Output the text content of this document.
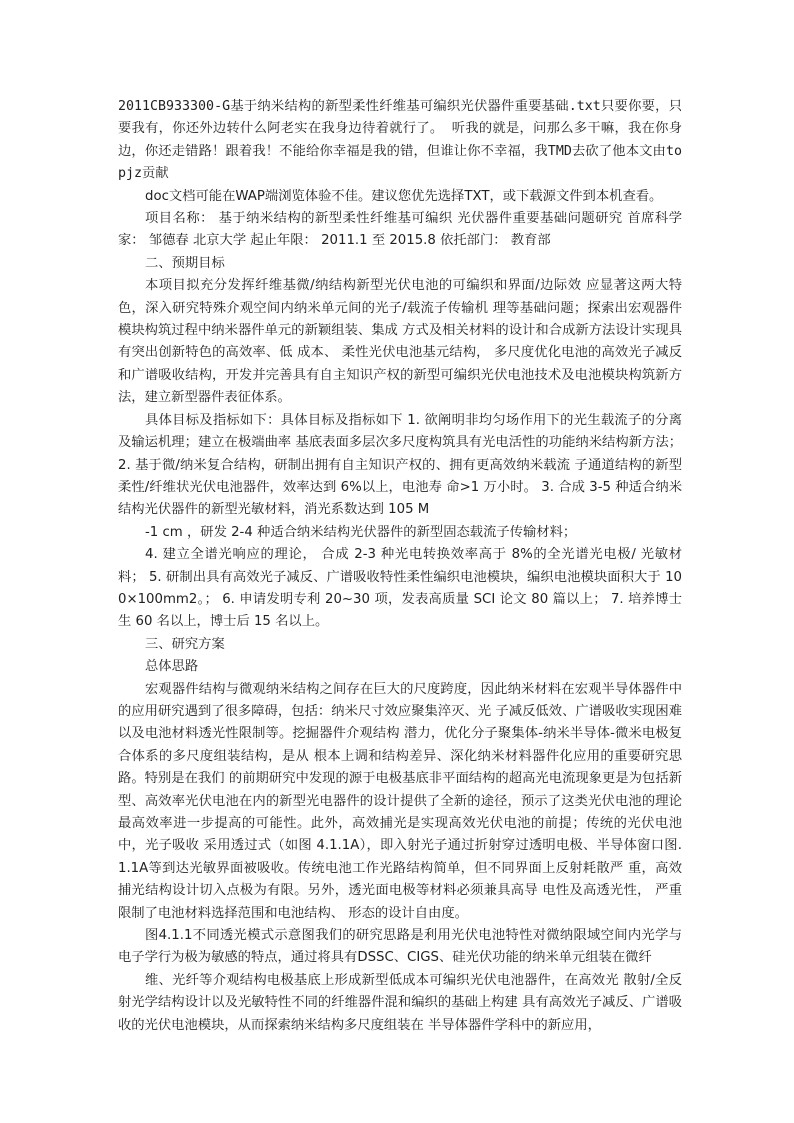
2011CB933300-G基于纳米结构的新型柔性纤维基可编织光伏器件重要基础.txt只要你要，只要我有，你还外边转什么阿老实在我身边待着就行了。 听我的就是，问那么多干嘛，我在你身边，你还走错路！跟着我！不能给你幸福是我的错，但谁让你不幸福，我TMD去砍了他本文由topjz贡献

doc文档可能在WAP端浏览体验不佳。建议您优先选择TXT，或下载源文件到本机查看。

项目名称： 基于纳米结构的新型柔性纤维基可编织 光伏器件重要基础问题研究 首席科学家： 邹德春 北京大学 起止年限： 2011.1 至 2015.8 依托部门： 教育部

二、预期目标

本项目拟充分发挥纤维基微/纳结构新型光伏电池的可编织和界面/边际效 应显著这两大特色，深入研究特殊介观空间内纳米单元间的光子/载流子传输机 理等基础问题；探索出宏观器件模块构筑过程中纳米器件单元的新颖组装、集成 方式及相关材料的设计和合成新方法设计实现具有突出创新特色的高效率、低 成本、 柔性光伏电池基元结构， 多尺度优化电池的高效光子减反和广谱吸收结构，开发并完善具有自主知识产权的新型可编织光伏电池技术及电池模块构筑新方 法，建立新型器件表征体系。

具体目标及指标如下：具体目标及指标如下 1. 欲阐明非均匀场作用下的光生载流子的分离及输运机理；建立在极端曲率 基底表面多层次多尺度构筑具有光电活性的功能纳米结构新方法； 2. 基于微/纳米复合结构，研制出拥有自主知识产权的、拥有更高效纳米载流 子通道结构的新型柔性/纤维状光伏电池器件，效率达到 6%以上，电池寿 命>1 万小时。 3. 合成 3-5 种适合纳米结构光伏器件的新型光敏材料，消光系数达到 105 M

-1 cm ，研发 2-4 种适合纳米结构光伏器件的新型固态载流子传输材料；

4. 建立全谱光响应的理论， 合成 2-3 种光电转换效率高于 8%的全光谱光电极/ 光敏材料； 5. 研制出具有高效光子减反、广谱吸收特性柔性编织电池模块，编织电池模块面积大于 100×100mm2。； 6. 申请发明专利 20~30 项，发表高质量 SCI 论文 80 篇以上； 7. 培养博士生 60 名以上，博士后 15 名以上。

三、研究方案

总体思路

宏观器件结构与微观纳米结构之间存在巨大的尺度跨度，因此纳米材料在宏观半导体器件中的应用研究遇到了很多障碍，包括：纳米尺寸效应聚集淬灭、光 子减反低效、广谱吸收实现困难以及电池材料透光性限制等。挖掘器件介观结构 潜力，优化分子聚集体-纳米半导体-微米电极复合体系的多尺度组装结构，是从 根本上调和结构差异、深化纳米材料器件化应用的重要研究思路。特别是在我们 的前期研究中发现的源于电极基底非平面结构的超高光电流现象更是为包括新 型、高效率光伏电池在内的新型光电器件的设计提供了全新的途径，预示了这类光伏电池的理论最高效率进一步提高的可能性。此外，高效捕光是实现高效光伏电池的前提；传统的光伏电池中，光子吸收 采用透过式（如图 4.1.1A），即入射光子通过折射穿过透明电极、半导体窗口图.1.1A等到达光敏界面被吸收。传统电池工作光路结构简单，但不同界面上反射耗散严 重，高效捕光结构设计切入点极为有限。另外，透光面电极等材料必须兼具高导 电性及高透光性， 严重限制了电池材料选择范围和电池结构、 形态的设计自由度。

图4.1.1不同透光模式示意图我们的研究思路是利用光伏电池特性对微纳限域空间内光学与电子学行为极为敏感的特点，通过将具有DSSC、CIGS、硅光伏功能的纳米单元组装在微纤

维、光纤等介观结构电极基底上形成新型低成本可编织光伏电池器件，在高效光 散射/全反射光学结构设计以及光敏特性不同的纤维器件混和编织的基础上构建 具有高效光子减反、广谱吸收的光伏电池模块，从而探索纳米结构多尺度组装在 半导体器件学科中的新应用，
